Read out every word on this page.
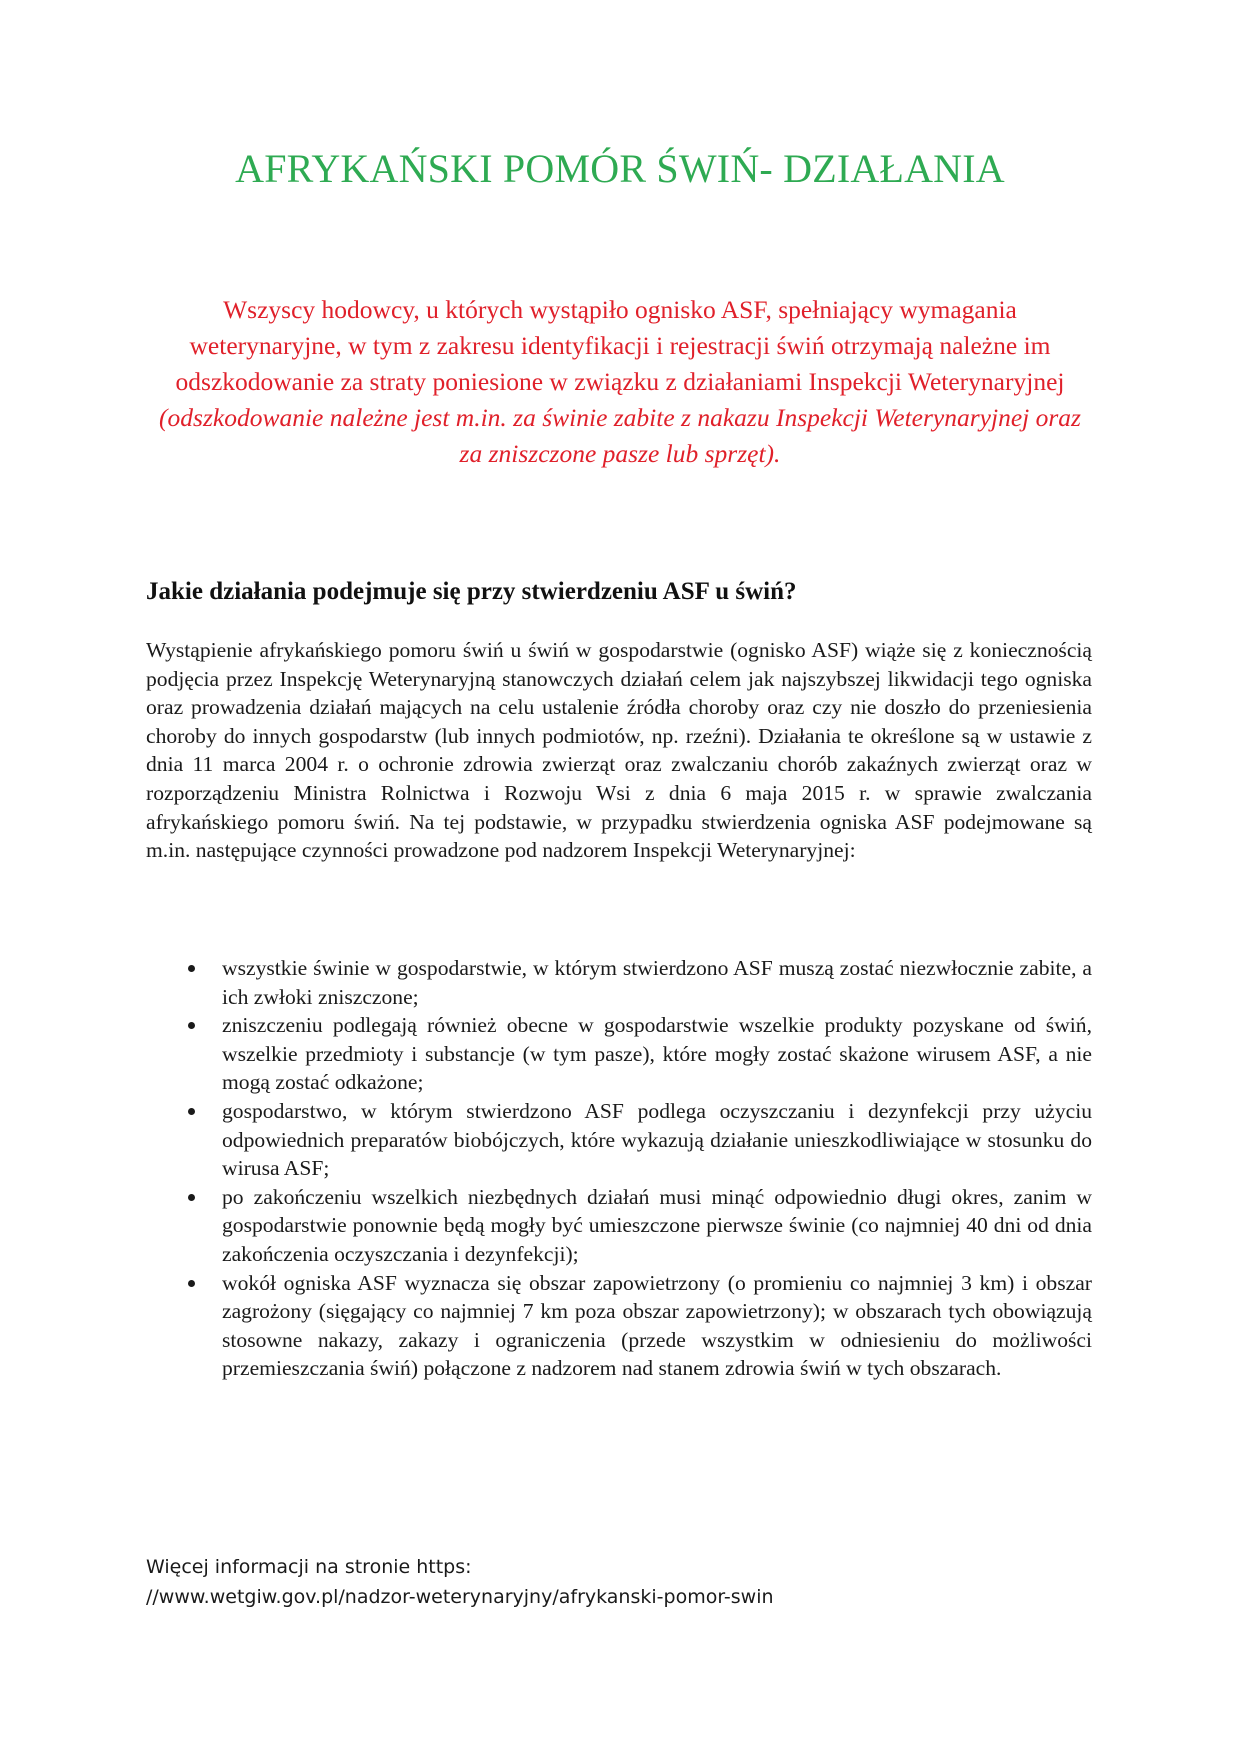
AFRYKAŃSKI POMÓR ŚWIŃ- DZIAŁANIA
Wszyscy hodowcy, u których wystąpiło ognisko ASF, spełniający wymagania weterynaryjne, w tym z zakresu identyfikacji i rejestracji świń otrzymają należne im odszkodowanie za straty poniesione w związku z działaniami Inspekcji Weterynaryjnej (odszkodowanie należne jest m.in. za świnie zabite z nakazu Inspekcji Weterynaryjnej oraz za zniszczone pasze lub sprzęt).
Jakie działania podejmuje się przy stwierdzeniu ASF u świń?
Wystąpienie afrykańskiego pomoru świń u świń w gospodarstwie (ognisko ASF) wiąże się z koniecznością podjęcia przez Inspekcję Weterynaryjną stanowczych działań celem jak najszybszej likwidacji tego ogniska oraz prowadzenia działań mających na celu ustalenie źródła choroby oraz czy nie doszło do przeniesienia choroby do innych gospodarstw (lub innych podmiotów, np. rzeźni). Działania te określone są w ustawie z dnia 11 marca 2004 r. o ochronie zdrowia zwierząt oraz zwalczaniu chorób zakaźnych zwierząt oraz w rozporządzeniu Ministra Rolnictwa i Rozwoju Wsi z dnia 6 maja 2015 r. w sprawie zwalczania afrykańskiego pomoru świń. Na tej podstawie, w przypadku stwierdzenia ogniska ASF podejmowane są m.in. następujące czynności prowadzone pod nadzorem Inspekcji Weterynaryjnej:
wszystkie świnie w gospodarstwie, w którym stwierdzono ASF muszą zostać niezwłocznie zabite, a ich zwłoki zniszczone;
zniszczeniu podlegają również obecne w gospodarstwie wszelkie produkty pozyskane od świń, wszelkie przedmioty i substancje (w tym pasze), które mogły zostać skażone wirusem ASF, a nie mogą zostać odkażone;
gospodarstwo, w którym stwierdzono ASF podlega oczyszczaniu i dezynfekcji przy użyciu odpowiednich preparatów biobójczych, które wykazują działanie unieszkodliwiające w stosunku do wirusa ASF;
po zakończeniu wszelkich niezbędnych działań musi minąć odpowiednio długi okres, zanim w gospodarstwie ponownie będą mogły być umieszczone pierwsze świnie (co najmniej 40 dni od dnia zakończenia oczyszczania i dezynfekcji);
wokół ogniska ASF wyznacza się obszar zapowietrzony (o promieniu co najmniej 3 km) i obszar zagrożony (sięgający co najmniej 7 km poza obszar zapowietrzony); w obszarach tych obowiązują stosowne nakazy, zakazy i ograniczenia (przede wszystkim w odniesieniu do możliwości przemieszczania świń) połączone z nadzorem nad stanem zdrowia świń w tych obszarach.
Więcej informacji na stronie https:
//www.wetgiw.gov.pl/nadzor-weterynaryjny/afrykanski-pomor-swin
